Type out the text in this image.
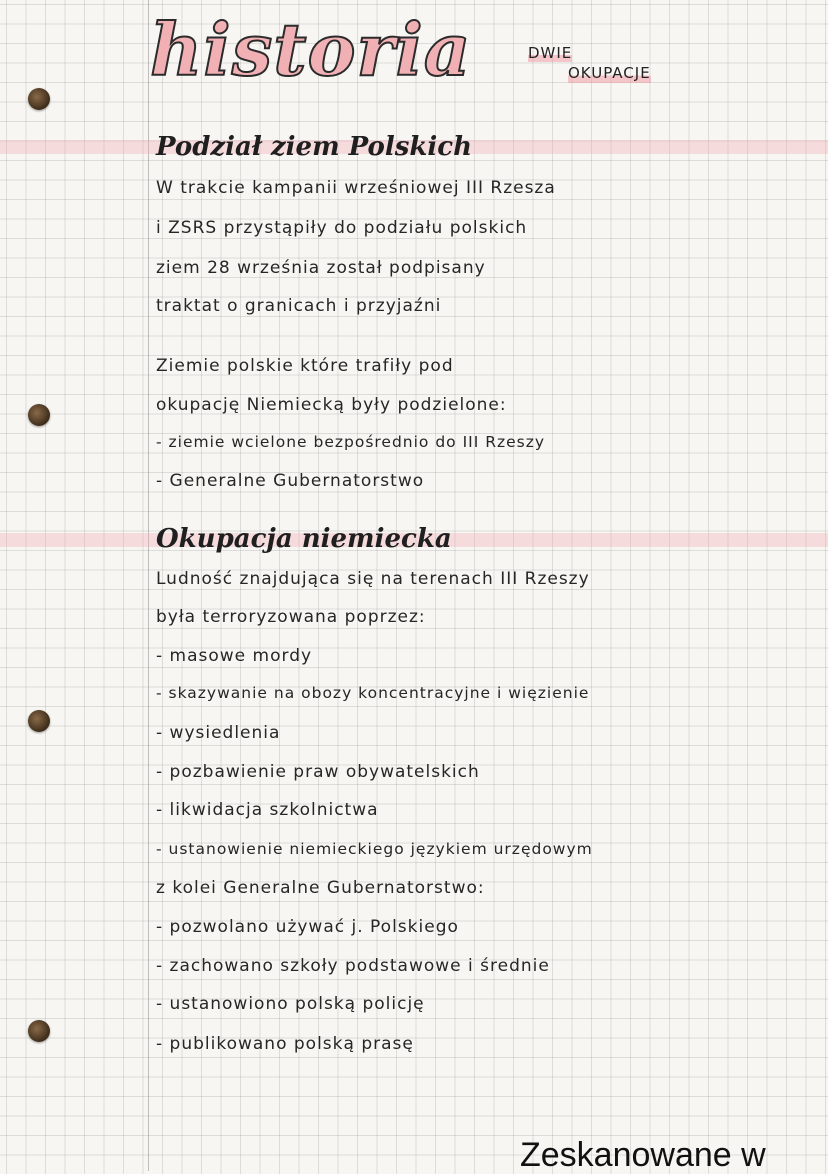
historia	DWIE
OKUPACJE
Podział ziem Polskich
W trakcie kampanii wrześniowej III Rzesza
i ZSRS przystąpiły do podziału polskich
ziem 28 września został podpisany
traktat o granicach i przyjaźni
Ziemie polskie które trafiły pod
okupację Niemiecką były podzielone:
- ziemie wcielone bezpośrednio do III Rzeszy
- Generalne Gubernatorstwo
Okupacja niemiecka
Ludność znajdująca się na terenach III Rzeszy
była terroryzowana poprzez:
- masowe mordy
- skazywanie na obozy koncentracyjne i więzienie
- wysiedlenia
- pozbawienie praw obywatelskich
- likwidacja szkolnictwa
- ustanowienie niemieckiego językiem urzędowym
z kolei Generalne Gubernatorstwo:
- pozwolano używać j. Polskiego
- zachowano szkoły podstawowe i średnie
- ustanowiono polską policję
- publikowano polską prasę
Zeskanowane w
